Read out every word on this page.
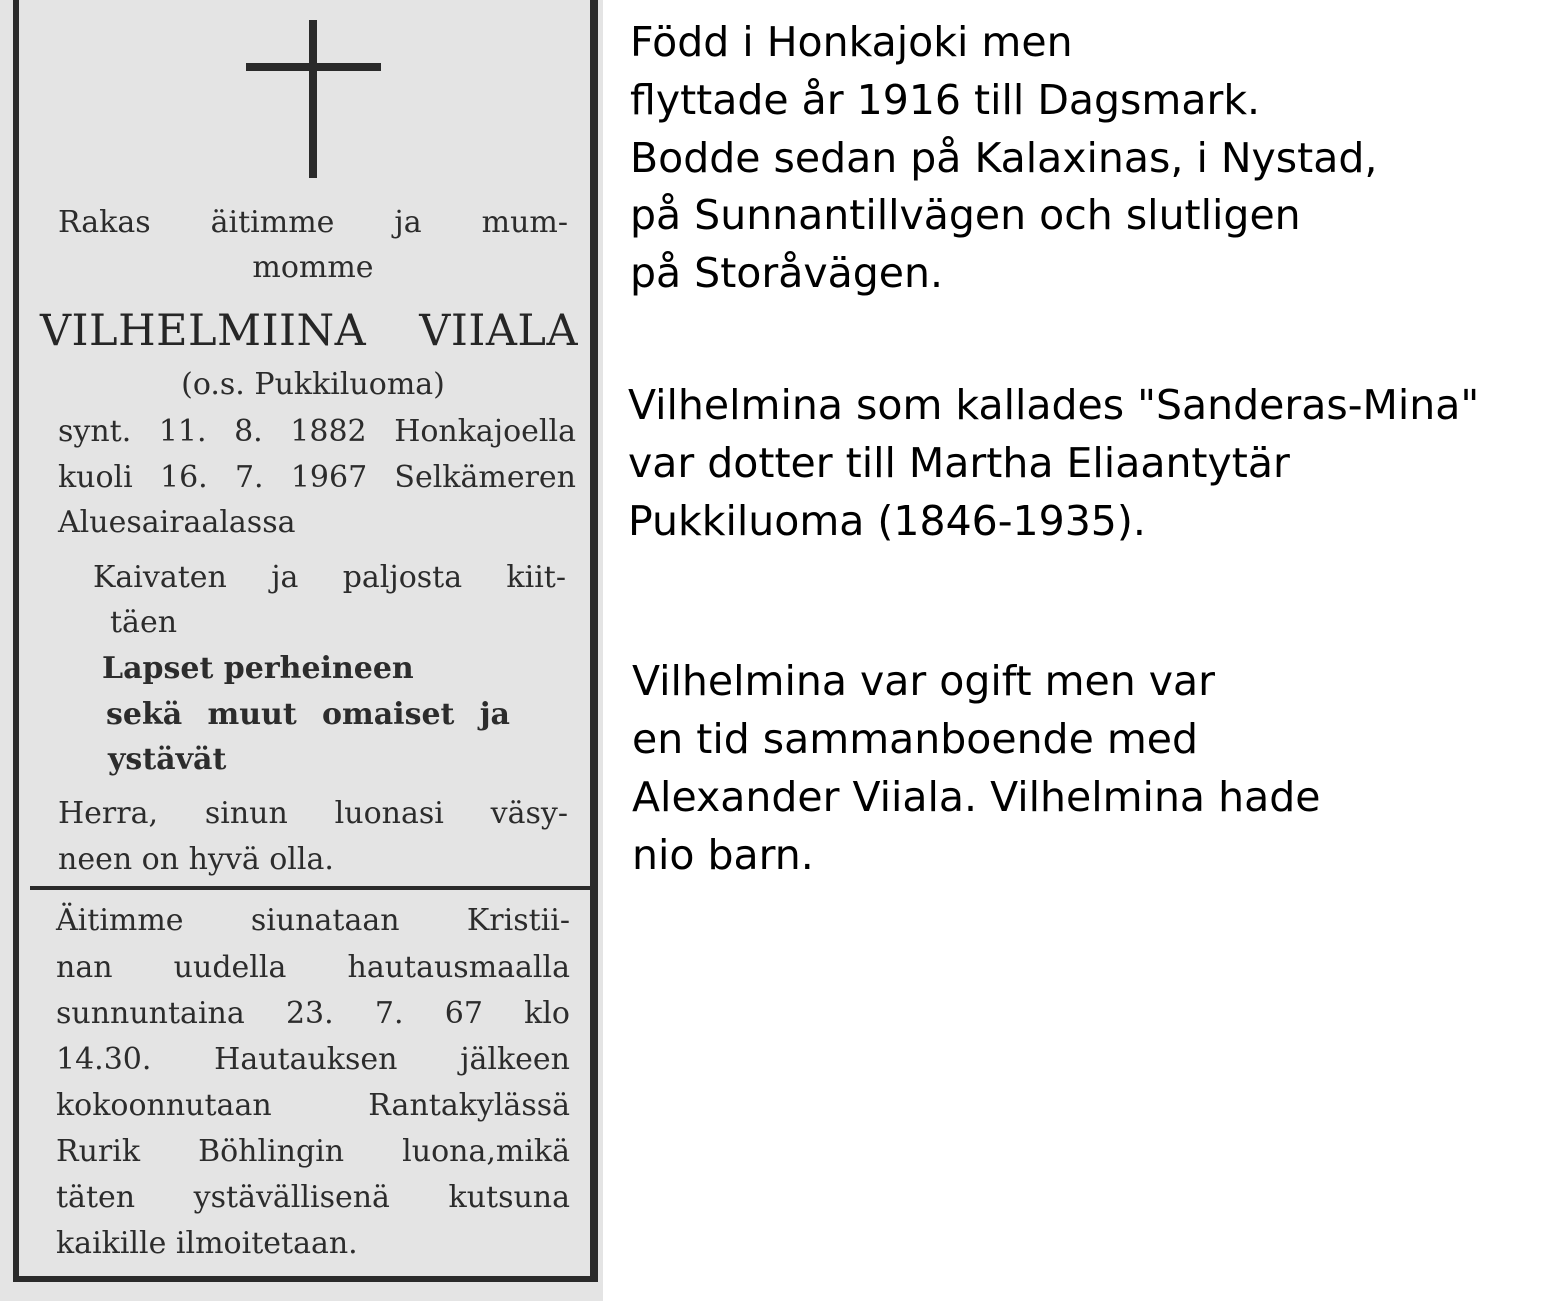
Rakas äitimme ja mum-

momme

VILHELMIINA VIIALA

(o.s. Pukkiluoma)

synt. 11. 8. 1882 Honkajoella

kuoli 16. 7. 1967 Selkämeren

Aluesairaalassa

Kaivaten ja paljosta kiit-

täen

Lapset perheineen

sekä muut omaiset ja

ystävät

Herra, sinun luonasi väsy-

neen on hyvä olla.

Äitimme siunataan Kristii-

nan uudella hautausmaalla

sunnuntaina 23. 7. 67 klo

14.30. Hautauksen jälkeen

kokoonnutaan Rantakylässä

Rurik Böhlingin luona,mikä

täten ystävällisenä kutsuna

kaikille ilmoitetaan.

Född i Honkajoki men

flyttade år 1916 till Dagsmark.

Bodde sedan på Kalaxinas, i Nystad,

på Sunnantillvägen och slutligen

på Storåvägen.

Vilhelmina som kallades "Sanderas-Mina"

var dotter till Martha Eliaantytär

Pukkiluoma (1846-1935).

Vilhelmina var ogift men var

en tid sammanboende med

Alexander Viiala. Vilhelmina hade

nio barn.
